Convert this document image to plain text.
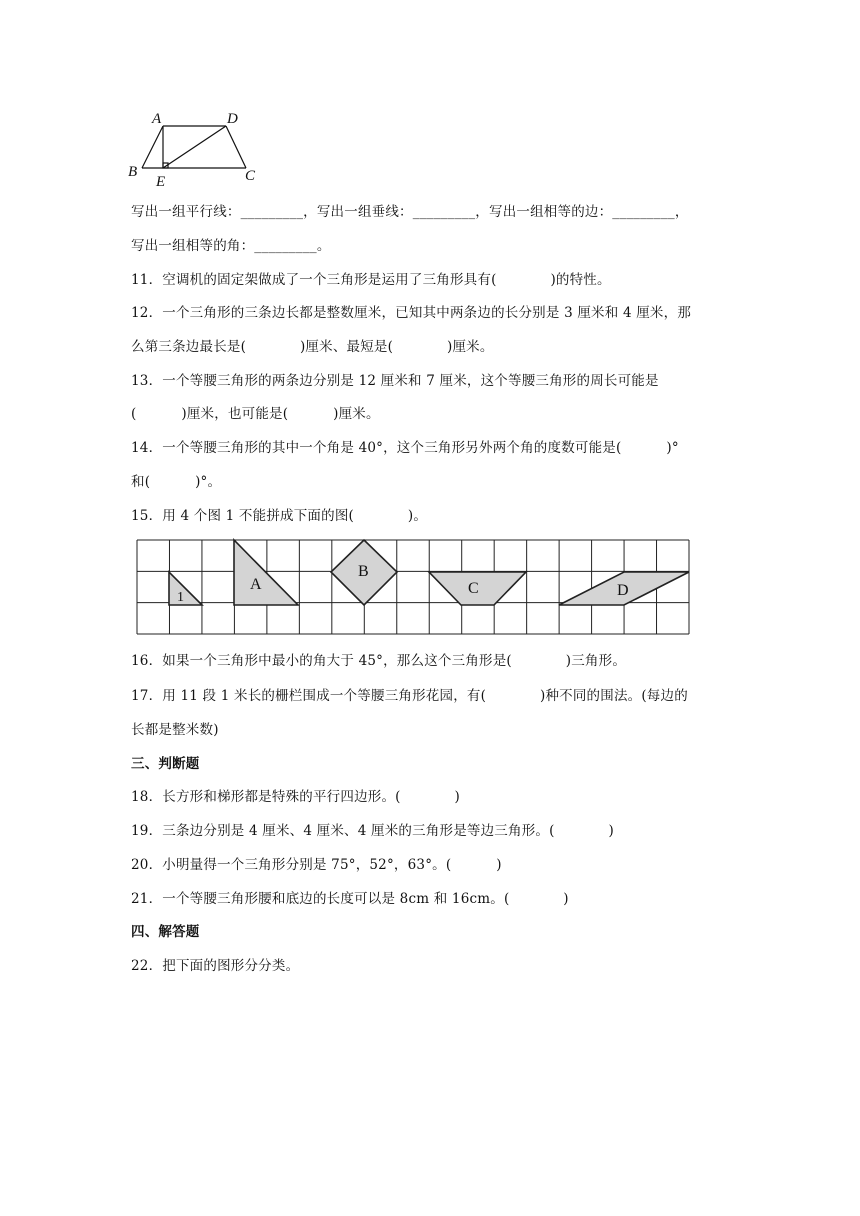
A	D
B
E	C
写出一组平行线：_________，写出一组垂线：_________，写出一组相等的边：_________，
写出一组相等的角：_________。
11．空调机的固定架做成了一个三角形是运用了三角形具有(            )的特性。
12．一个三角形的三条边长都是整数厘米，已知其中两条边的长分别是 3 厘米和 4 厘米，那
么第三条边最长是(            )厘米、最短是(            )厘米。
13．一个等腰三角形的两条边分别是 12 厘米和 7 厘米，这个等腰三角形的周长可能是
(          )厘米，也可能是(          )厘米。
14．一个等腰三角形的其中一个角是 40°，这个三角形另外两个角的度数可能是(          )°
和(          )°。
15．用 4 个图 1 不能拼成下面的图(            )。
1
A
B
C	D
16．如果一个三角形中最小的角大于 45°，那么这个三角形是(            )三角形。
17．用 11 段 1 米长的栅栏围成一个等腰三角形花园，有(            )种不同的围法。(每边的
长都是整米数)
三、判断题
18．长方形和梯形都是特殊的平行四边形。(            )
19．三条边分别是 4 厘米、4 厘米、4 厘米的三角形是等边三角形。(            )
20．小明量得一个三角形分别是 75°，52°，63°。(          )
21．一个等腰三角形腰和底边的长度可以是 8cm 和 16cm。(            )
四、解答题
22．把下面的图形分分类。
